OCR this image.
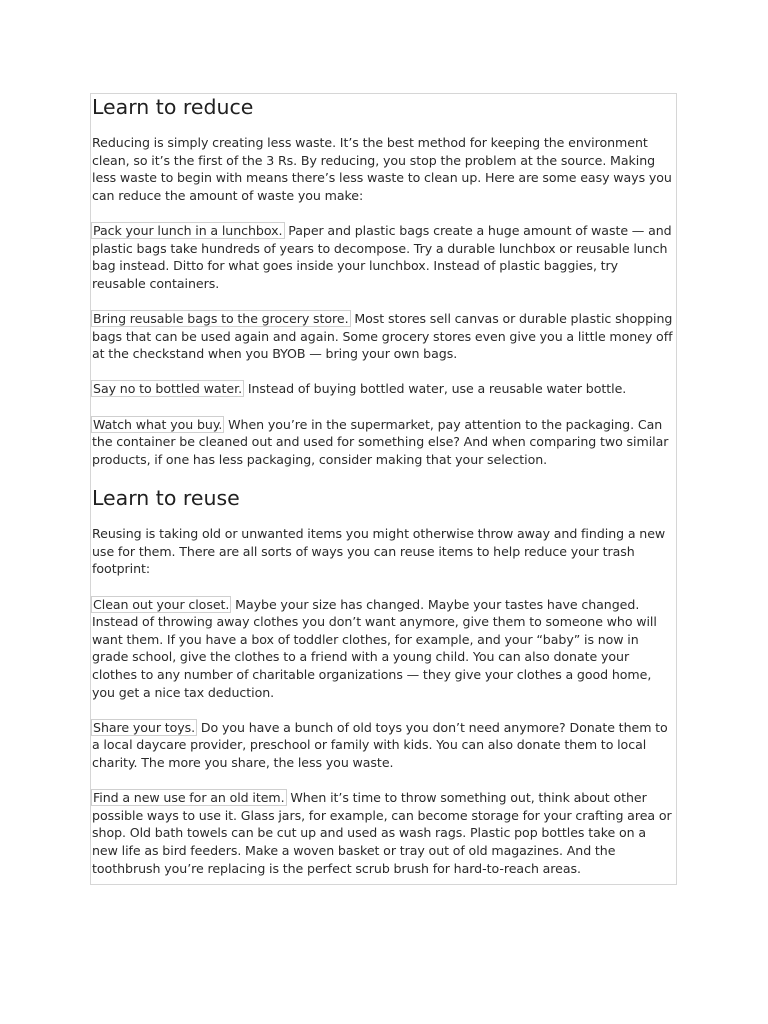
Learn to reduce

Reducing is simply creating less waste. It’s the best method for keeping the environment clean, so it’s the first of the 3 Rs. By reducing, you stop the problem at the source. Making less waste to begin with means there’s less waste to clean up. Here are some easy ways you can reduce the amount of waste you make:

Pack your lunch in a lunchbox. Paper and plastic bags create a huge amount of waste — and plastic bags take hundreds of years to decompose. Try a durable lunchbox or reusable lunch bag instead. Ditto for what goes inside your lunchbox. Instead of plastic baggies, try reusable containers.

Bring reusable bags to the grocery store. Most stores sell canvas or durable plastic shopping bags that can be used again and again. Some grocery stores even give you a little money off at the checkstand when you BYOB — bring your own bags.

Say no to bottled water. Instead of buying bottled water, use a reusable water bottle.

Watch what you buy. When you’re in the supermarket, pay attention to the packaging. Can the container be cleaned out and used for something else? And when comparing two similar products, if one has less packaging, consider making that your selection.

Learn to reuse

Reusing is taking old or unwanted items you might otherwise throw away and finding a new use for them. There are all sorts of ways you can reuse items to help reduce your trash footprint:

Clean out your closet. Maybe your size has changed. Maybe your tastes have changed. Instead of throwing away clothes you don’t want anymore, give them to someone who will want them. If you have a box of toddler clothes, for example, and your “baby” is now in grade school, give the clothes to a friend with a young child. You can also donate your clothes to any number of charitable organizations — they give your clothes a good home, you get a nice tax deduction.

Share your toys. Do you have a bunch of old toys you don’t need anymore? Donate them to a local daycare provider, preschool or family with kids. You can also donate them to local charity. The more you share, the less you waste.

Find a new use for an old item. When it’s time to throw something out, think about other possible ways to use it. Glass jars, for example, can become storage for your crafting area or shop. Old bath towels can be cut up and used as wash rags. Plastic pop bottles take on a new life as bird feeders. Make a woven basket or tray out of old magazines. And the toothbrush you’re replacing is the perfect scrub brush for hard-to-reach areas.
